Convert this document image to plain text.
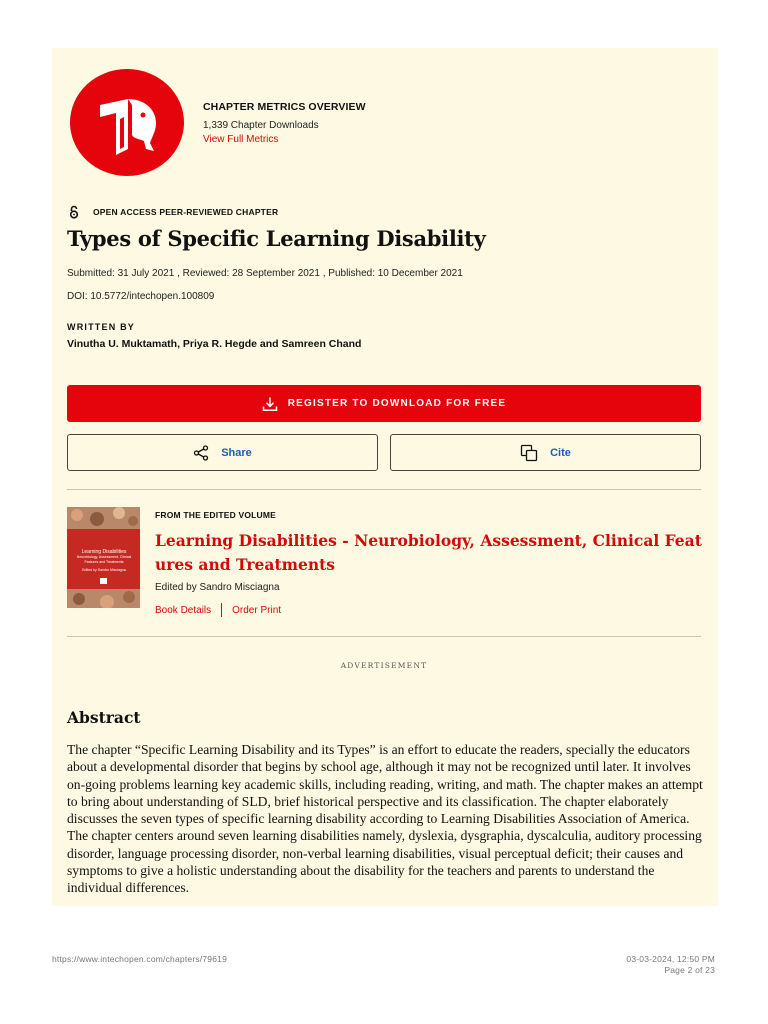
CHAPTER METRICS OVERVIEW
1,339 Chapter Downloads
View Full Metrics
OPEN ACCESS PEER-REVIEWED CHAPTER
Types of Specific Learning Disability
Submitted: 31 July 2021 , Reviewed: 28 September 2021 , Published: 10 December 2021
DOI: 10.5772/intechopen.100809
WRITTEN BY
Vinutha U. Muktamath, Priya R. Hegde and Samreen Chand
REGISTER TO DOWNLOAD FOR FREE
Share	Cite
Learning Disabilities
Neurobiology, Assessment, Clinical Features and Treatments
Edited by Sandro Misciagna
FROM THE EDITED VOLUME
Learning Disabilities - Neurobiology, Assessment, Clinical Features and Treatments
Edited by Sandro Misciagna
Book Details Order Print
ADVERTISEMENT
Abstract

The chapter “Specific Learning Disability and its Types” is an effort to educate the readers, specially the educators about a developmental disorder that begins by school age, although it may not be recognized until later. It involves on-going problems learning key academic skills, including reading, writing, and math. The chapter makes an attempt to bring about understanding of SLD, brief historical perspective and its classification. The chapter elaborately discusses the seven types of specific learning disability according to Learning Disabilities Association of America. The chapter centers around seven learning disabilities namely, dyslexia, dysgraphia, dyscalculia, auditory processing disorder, language processing disorder, non-verbal learning disabilities, visual perceptual deficit; their causes and symptoms to give a holistic understanding about the disability for the teachers and parents to understand the individual differences.

https://www.intechopen.com/chapters/79619	03-03-2024, 12:50 PM
Page 2 of 23
